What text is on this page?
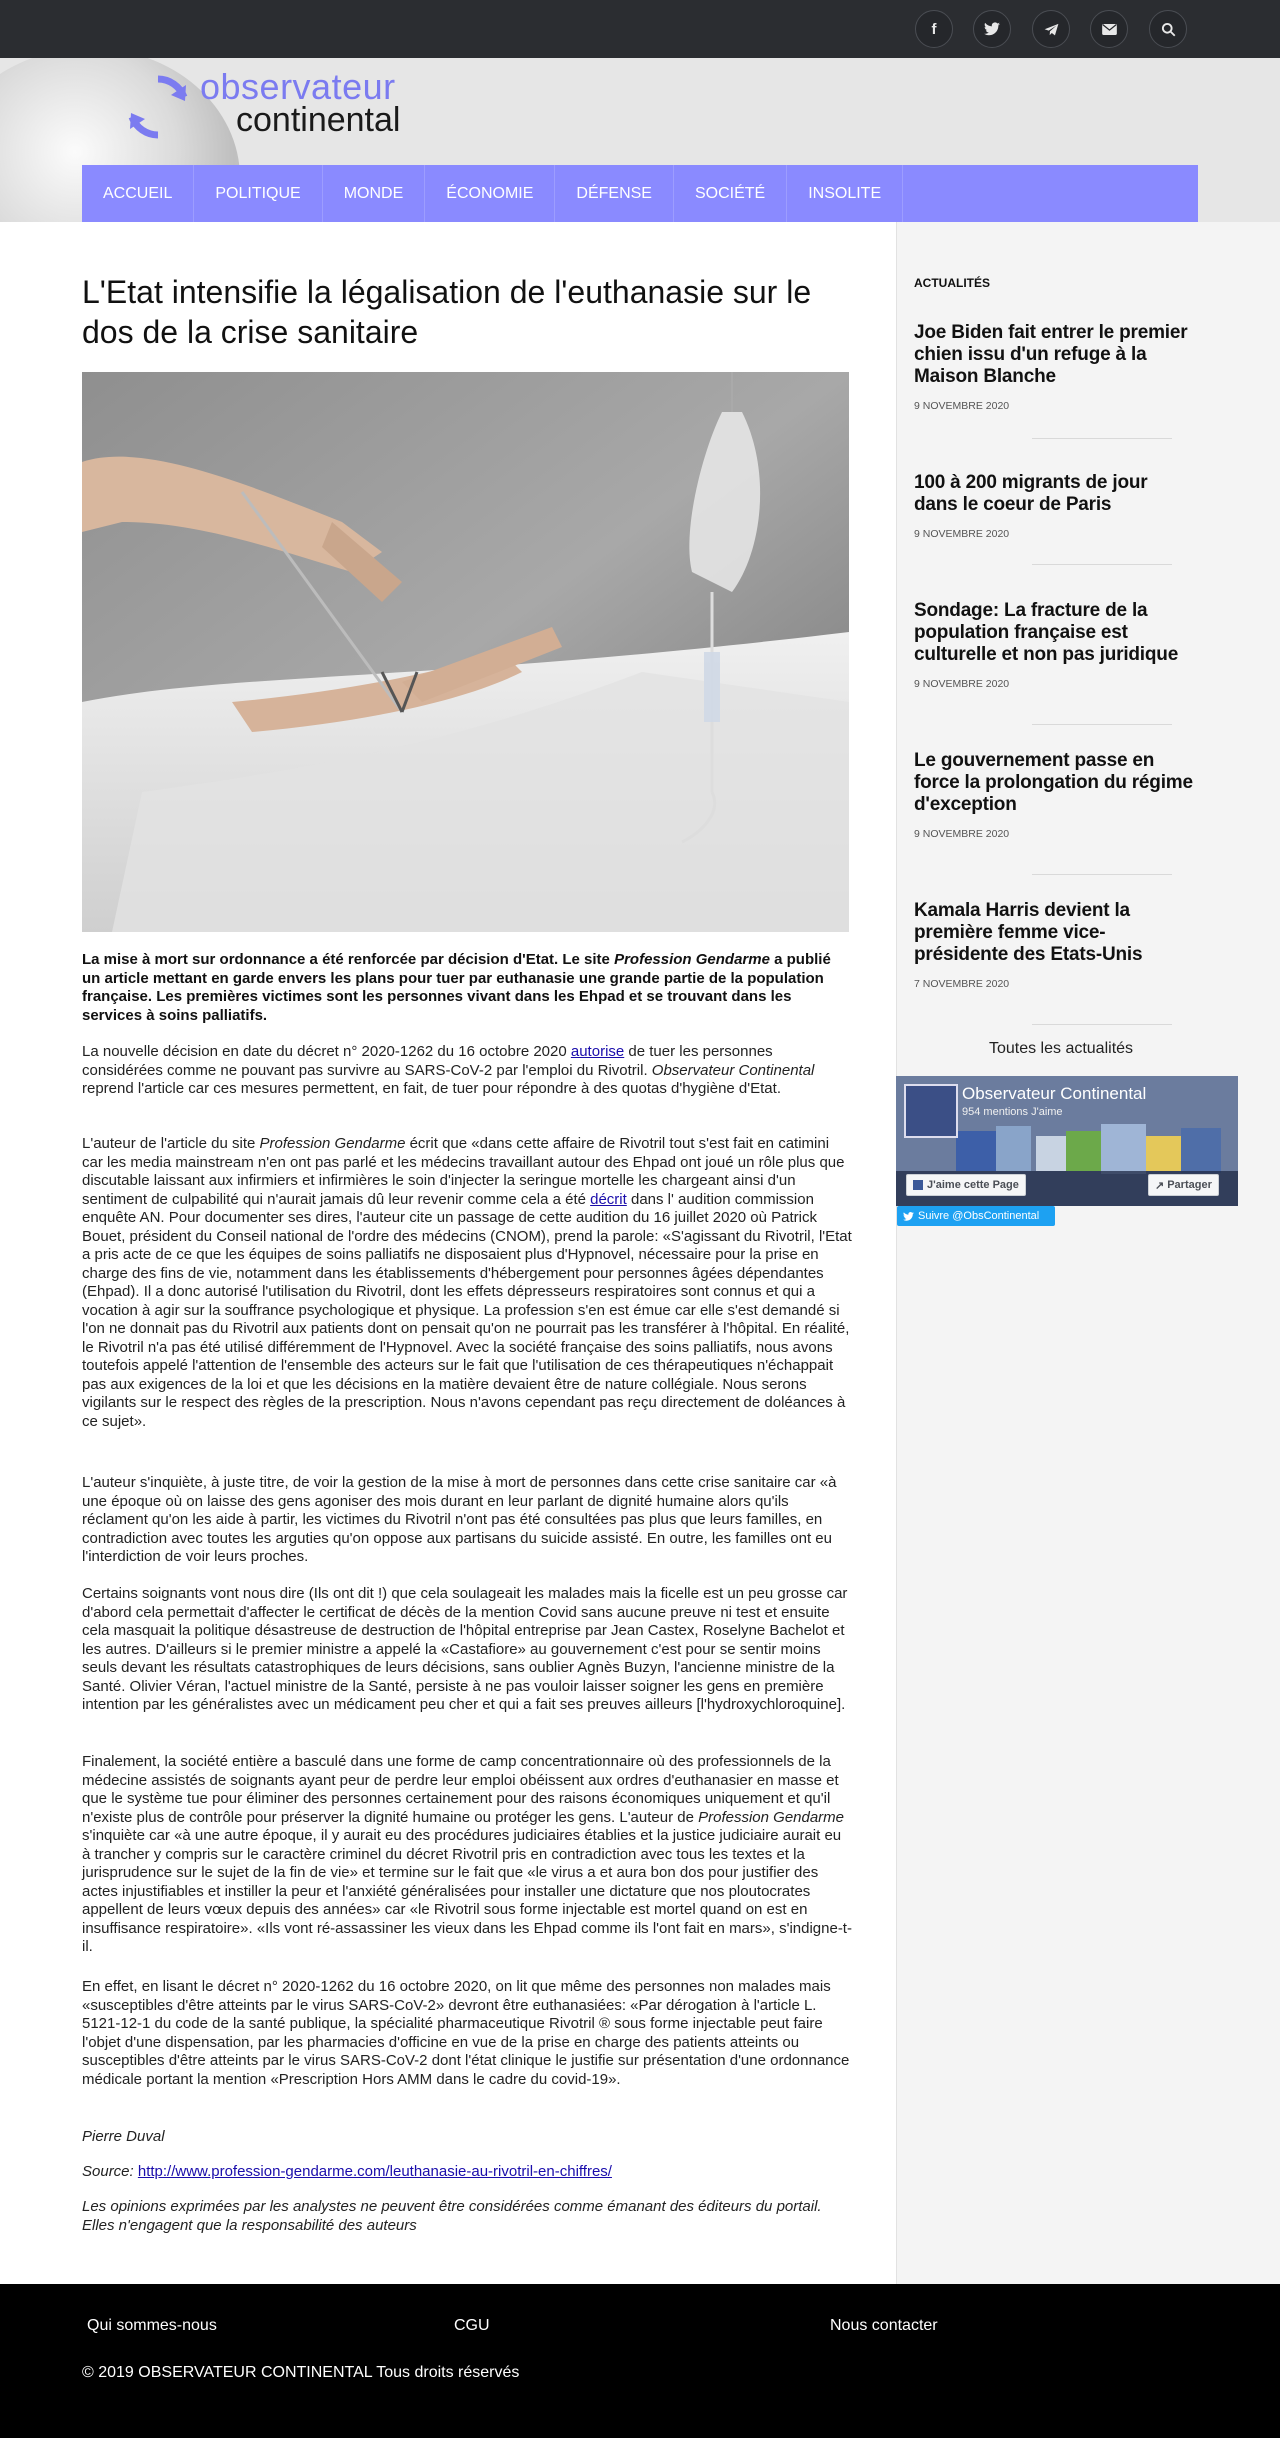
f
observateur
continental
ACCUEIL	POLITIQUE	MONDE	ÉCONOMIE	DÉFENSE	SOCIÉTÉ	INSOLITE
L'Etat intensifie la légalisation de l'euthanasie sur le dos de la crise sanitaire

La mise à mort sur ordonnance a été renforcée par décision d'Etat. Le site Profession Gendarme a publié un article mettant en garde envers les plans pour tuer par euthanasie une grande partie de la population française. Les premières victimes sont les personnes vivant dans les Ehpad et se trouvant dans les services à soins palliatifs.

La nouvelle décision en date du décret n° 2020-1262 du 16 octobre 2020 autorise de tuer les personnes considérées comme ne pouvant pas survivre au SARS-CoV-2 par l'emploi du Rivotril. Observateur Continental reprend l'article car ces mesures permettent, en fait, de tuer pour répondre à des quotas d'hygiène d'Etat.

L'auteur de l'article du site Profession Gendarme écrit que «dans cette affaire de Rivotril tout s'est fait en catimini car les media mainstream n'en ont pas parlé et les médecins travaillant autour des Ehpad ont joué un rôle plus que discutable laissant aux infirmiers et infirmières le soin d'injecter la seringue mortelle les chargeant ainsi d'un sentiment de culpabilité qui n'aurait jamais dû leur revenir comme cela a été décrit dans l' audition commission enquête AN. Pour documenter ses dires, l'auteur cite un passage de cette audition du 16 juillet 2020 où Patrick Bouet, président du Conseil national de l'ordre des médecins (CNOM), prend la parole: «S'agissant du Rivotril, l'Etat a pris acte de ce que les équipes de soins palliatifs ne disposaient plus d'Hypnovel, nécessaire pour la prise en charge des fins de vie, notamment dans les établissements d'hébergement pour personnes âgées dépendantes (Ehpad). Il a donc autorisé l'utilisation du Rivotril, dont les effets dépresseurs respiratoires sont connus et qui a vocation à agir sur la souffrance psychologique et physique. La profession s'en est émue car elle s'est demandé si l'on ne donnait pas du Rivotril aux patients dont on pensait qu'on ne pourrait pas les transférer à l'hôpital. En réalité, le Rivotril n'a pas été utilisé différemment de l'Hypnovel. Avec la société française des soins palliatifs, nous avons toutefois appelé l'attention de l'ensemble des acteurs sur le fait que l'utilisation de ces thérapeutiques n'échappait pas aux exigences de la loi et que les décisions en la matière devaient être de nature collégiale. Nous serons vigilants sur le respect des règles de la prescription. Nous n'avons cependant pas reçu directement de doléances à ce sujet».

L'auteur s'inquiète, à juste titre, de voir la gestion de la mise à mort de personnes dans cette crise sanitaire car «à une époque où on laisse des gens agoniser des mois durant en leur parlant de dignité humaine alors qu'ils réclament qu'on les aide à partir, les victimes du Rivotril n'ont pas été consultées pas plus que leurs familles, en contradiction avec toutes les arguties qu'on oppose aux partisans du suicide assisté. En outre, les familles ont eu l'interdiction de voir leurs proches.

Certains soignants vont nous dire (Ils ont dit !) que cela soulageait les malades mais la ficelle est un peu grosse car d'abord cela permettait d'affecter le certificat de décès de la mention Covid sans aucune preuve ni test et ensuite cela masquait la politique désastreuse de destruction de l'hôpital entreprise par Jean Castex, Roselyne Bachelot et les autres. D'ailleurs si le premier ministre a appelé la «Castafiore» au gouvernement c'est pour se sentir moins seuls devant les résultats catastrophiques de leurs décisions, sans oublier Agnès Buzyn, l'ancienne ministre de la Santé. Olivier Véran, l'actuel ministre de la Santé, persiste à ne pas vouloir laisser soigner les gens en première intention par les généralistes avec un médicament peu cher et qui a fait ses preuves ailleurs [l'hydroxychloroquine].

Finalement, la société entière a basculé dans une forme de camp concentrationnaire où des professionnels de la médecine assistés de soignants ayant peur de perdre leur emploi obéissent aux ordres d'euthanasier en masse et que le système tue pour éliminer des personnes certainement pour des raisons économiques uniquement et qu'il n'existe plus de contrôle pour préserver la dignité humaine ou protéger les gens. L'auteur de Profession Gendarme s'inquiète car «à une autre époque, il y aurait eu des procédures judiciaires établies et la justice judiciaire aurait eu à trancher y compris sur le caractère criminel du décret Rivotril pris en contradiction avec tous les textes et la jurisprudence sur le sujet de la fin de vie» et termine sur le fait que «le virus a et aura bon dos pour justifier des actes injustifiables et instiller la peur et l'anxiété généralisées pour installer une dictature que nos ploutocrates appellent de leurs vœux depuis des années» car «le Rivotril sous forme injectable est mortel quand on est en insuffisance respiratoire». «Ils vont ré-assassiner les vieux dans les Ehpad comme ils l'ont fait en mars», s'indigne-t-il.

En effet, en lisant le décret n° 2020-1262 du 16 octobre 2020, on lit que même des personnes non malades mais «susceptibles d'être atteints par le virus SARS-CoV-2» devront être euthanasiées: «Par dérogation à l'article L. 5121-12-1 du code de la santé publique, la spécialité pharmaceutique Rivotril ® sous forme injectable peut faire l'objet d'une dispensation, par les pharmacies d'officine en vue de la prise en charge des patients atteints ou susceptibles d'être atteints par le virus SARS-CoV-2 dont l'état clinique le justifie sur présentation d'une ordonnance médicale portant la mention «Prescription Hors AMM dans le cadre du covid-19».

Pierre Duval

Source: http://www.profession-gendarme.com/leuthanasie-au-rivotril-en-chiffres/

Les opinions exprimées par les analystes ne peuvent être considérées comme émanant des éditeurs du portail. Elles n'engagent que la responsabilité des auteurs

ACTUALITÉS

Joe Biden fait entrer le premier chien issu d'un refuge à la Maison Blanche

9 NOVEMBRE 2020

100 à 200 migrants de jour dans le coeur de Paris

9 NOVEMBRE 2020

Sondage: La fracture de la population française est culturelle et non pas juridique

9 NOVEMBRE 2020

Le gouvernement passe en force la prolongation du régime d'exception

9 NOVEMBRE 2020

Kamala Harris devient la première femme vice-présidente des Etats-Unis

7 NOVEMBRE 2020
Toutes les actualités
Observateur Continental
954 mentions J'aime
J'aime cette Page	↗ Partager
Suivre @ObsContinental
Qui sommes-nous	CGU	Nous contacter
© 2019 OBSERVATEUR CONTINENTAL Tous droits réservés
